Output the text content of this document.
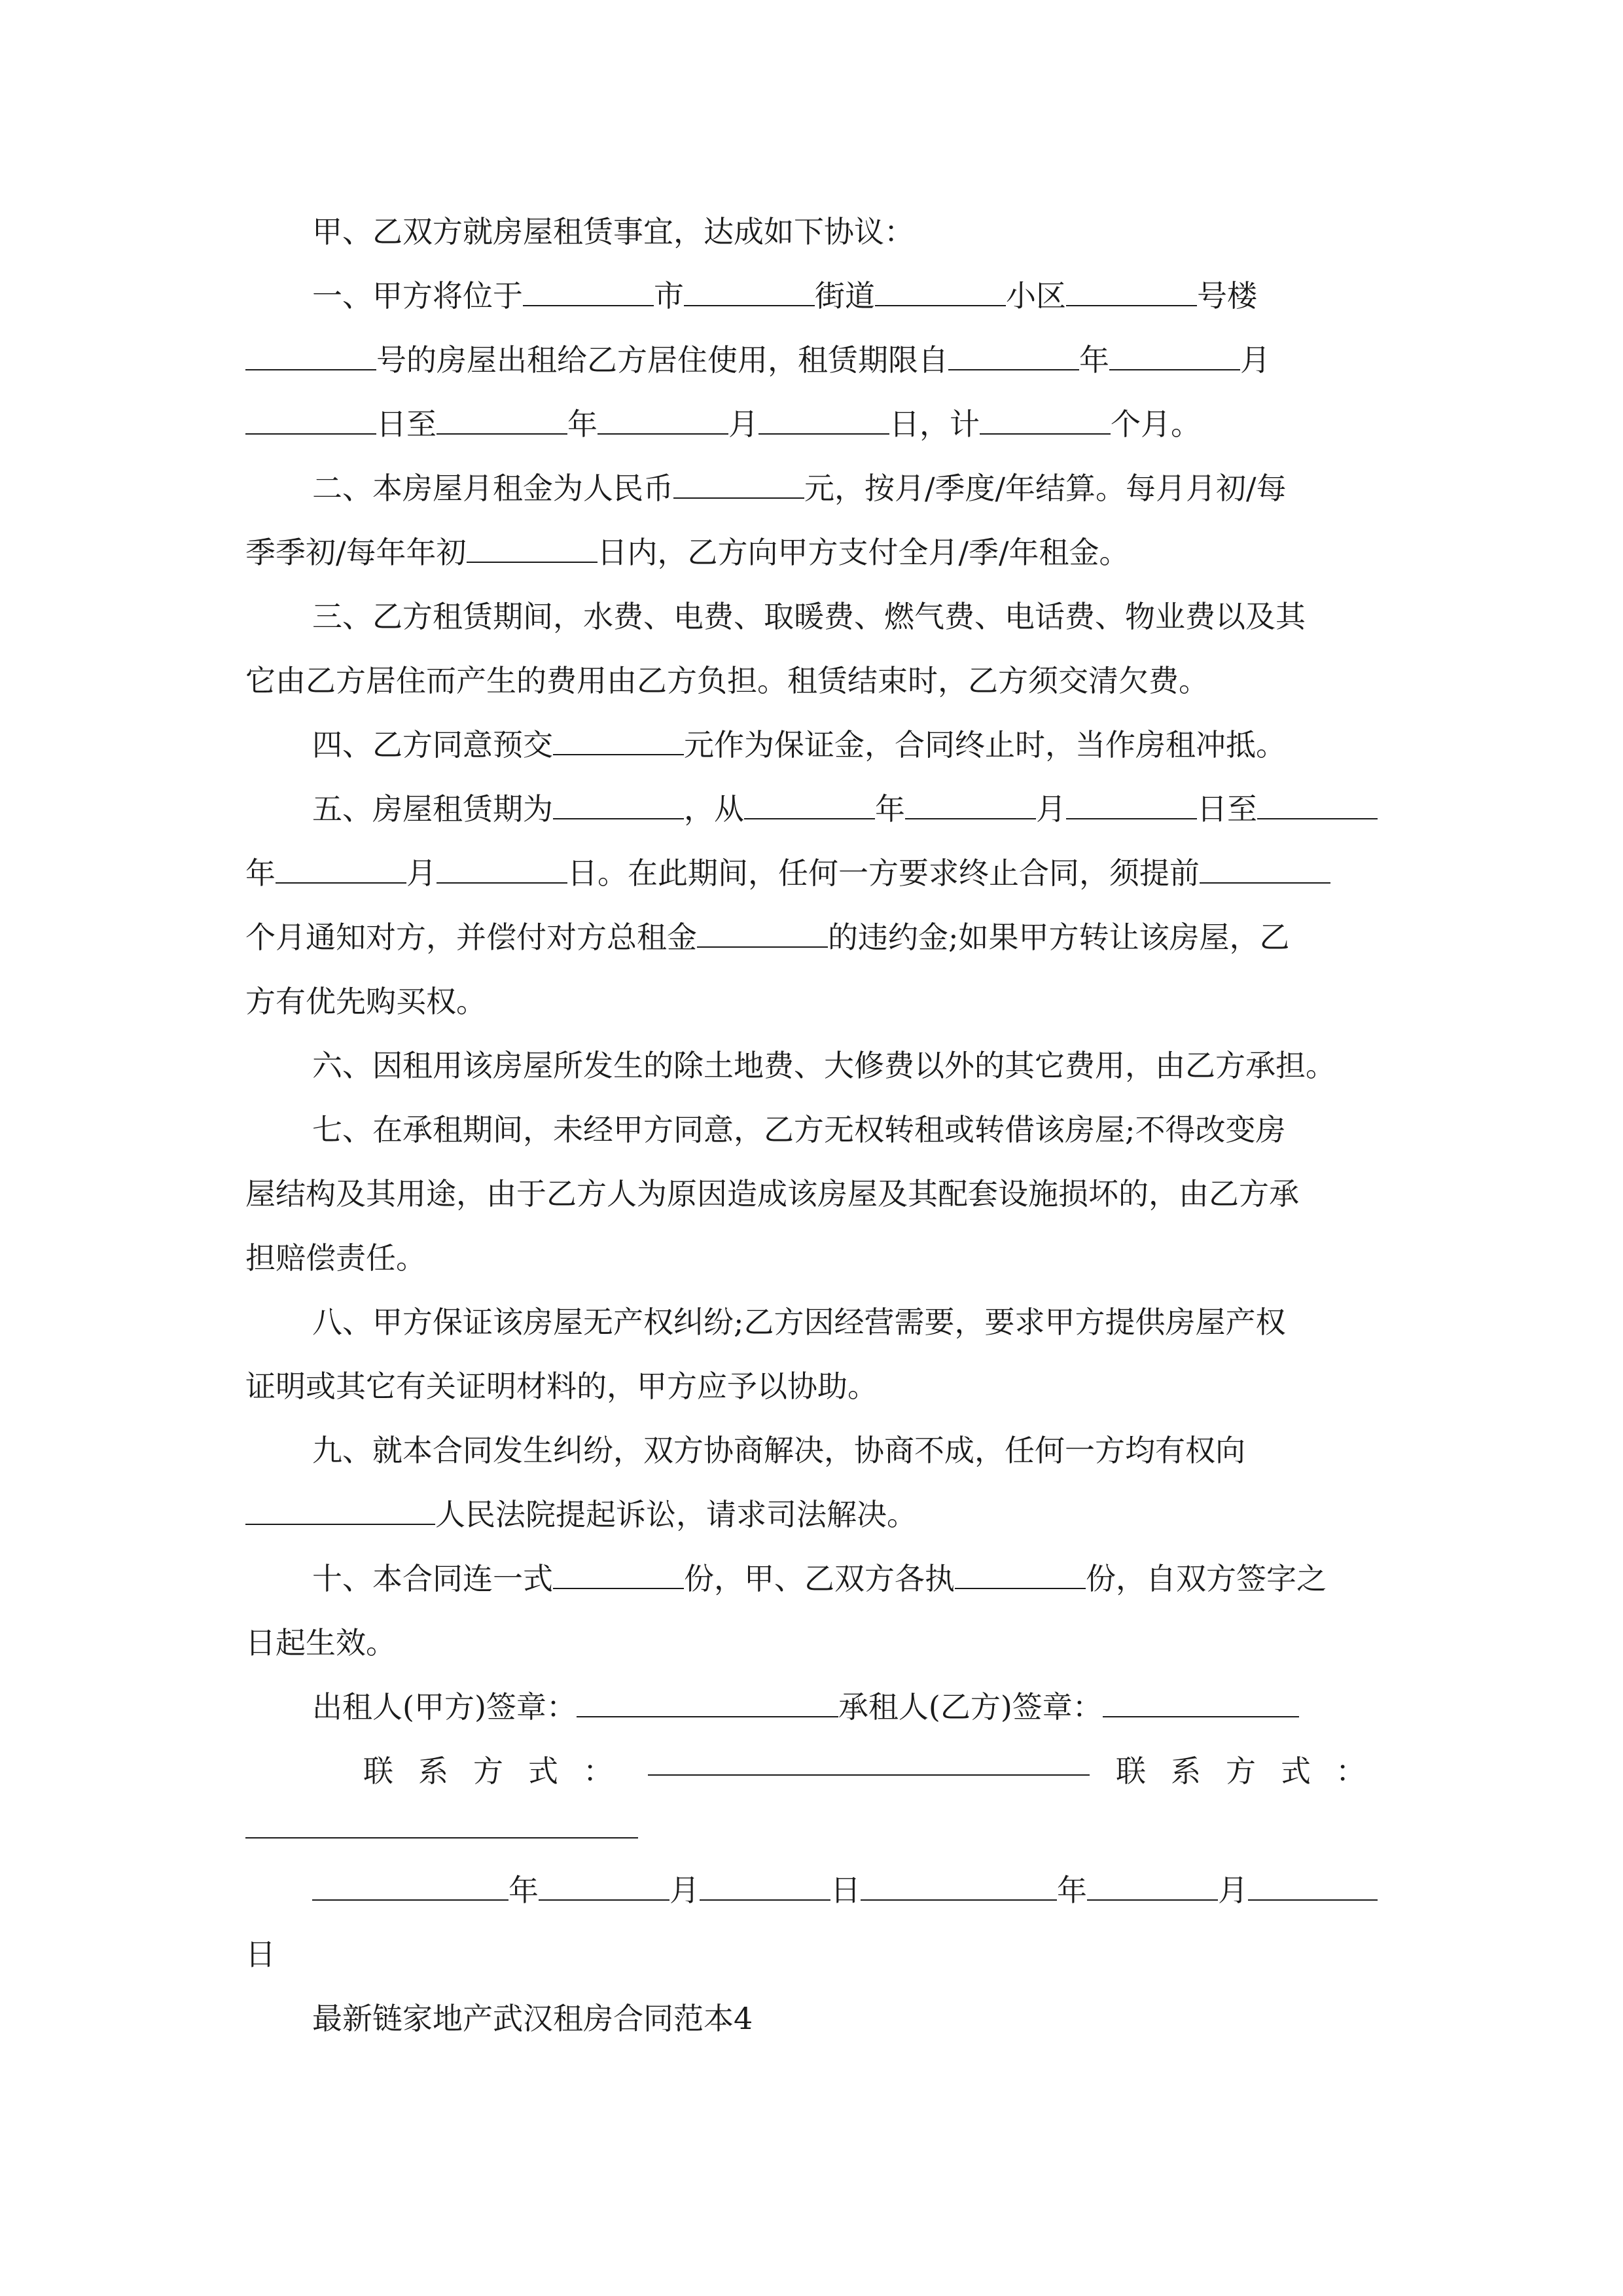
甲、乙双方就房屋租赁事宜，达成如下协议：
一、甲方将位于	市	街道	小区	号楼
号的房屋出租给乙方居住使用，租赁期限自	年	月
日至	年	月	日，计	个月。
二、本房屋月租金为人民币	元，按月/季度/年结算。每月月初/每
季季初/每年年初	日内，乙方向甲方支付全月/季/年租金。
三、乙方租赁期间，水费、电费、取暖费、燃气费、电话费、物业费以及其
它由乙方居住而产生的费用由乙方负担。租赁结束时，乙方须交清欠费。
四、乙方同意预交	元作为保证金，合同终止时，当作房租冲抵。
五、房屋租赁期为	，从	年	月	日至
年	月	日。在此期间，任何一方要求终止合同，须提前
个月通知对方，并偿付对方总租金	的违约金;如果甲方转让该房屋，乙
方有优先购买权。
六、因租用该房屋所发生的除土地费、大修费以外的其它费用，由乙方承担。
七、在承租期间，未经甲方同意，乙方无权转租或转借该房屋;不得改变房
屋结构及其用途，由于乙方人为原因造成该房屋及其配套设施损坏的，由乙方承
担赔偿责任。
八、甲方保证该房屋无产权纠纷;乙方因经营需要，要求甲方提供房屋产权
证明或其它有关证明材料的，甲方应予以协助。
九、就本合同发生纠纷，双方协商解决，协商不成，任何一方均有权向
人民法院提起诉讼，请求司法解决。
十、本合同连一式	份，甲、乙双方各执	份，自双方签字之
日起生效。
出租人(甲方)签章：	承租人(乙方)签章：
联系方式：	联系方式：
年	月	日	年	月
日
最新链家地产武汉租房合同范本4
